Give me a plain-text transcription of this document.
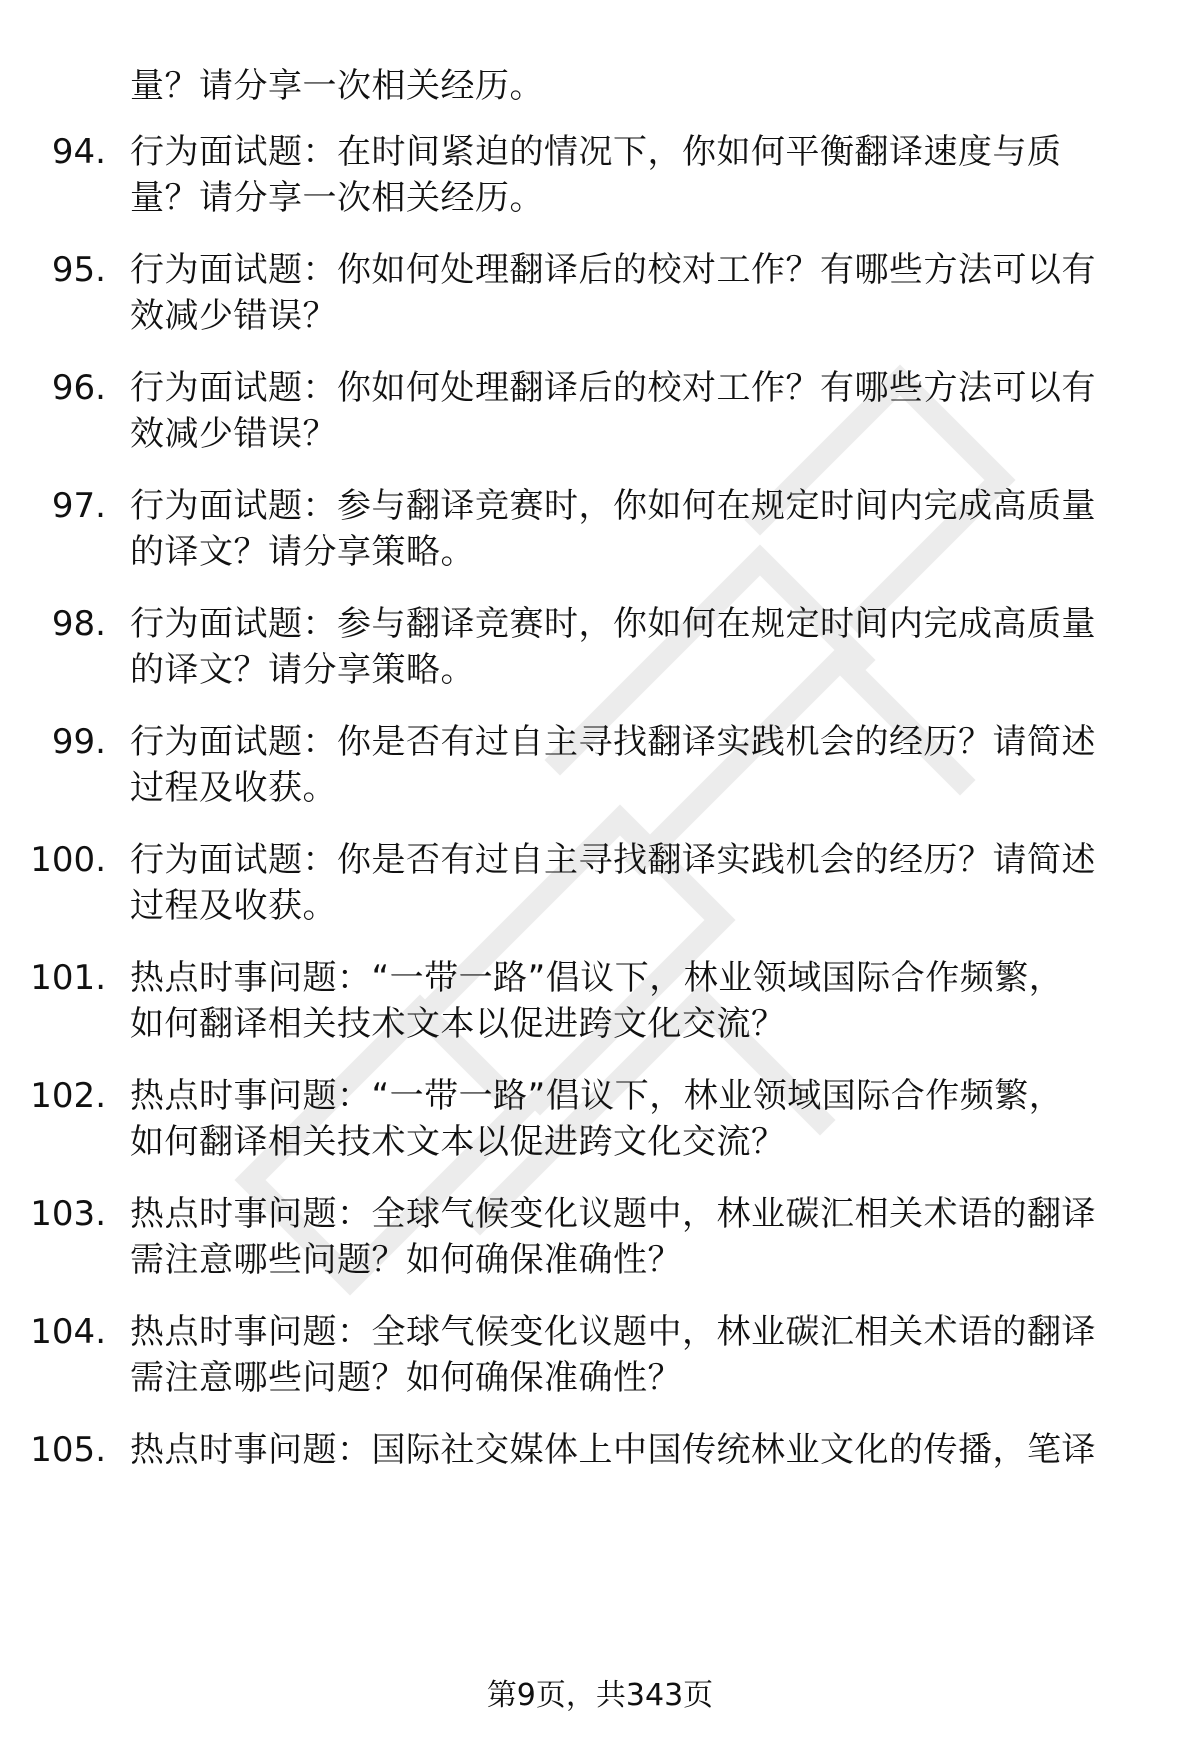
量？请分享一次相关经历。
94. 行为面试题：在时间紧迫的情况下，你如何平衡翻译速度与质
量？请分享一次相关经历。
95. 行为面试题：你如何处理翻译后的校对工作？有哪些方法可以有
效减少错误？
96. 行为面试题：你如何处理翻译后的校对工作？有哪些方法可以有
效减少错误？
97. 行为面试题：参与翻译竞赛时，你如何在规定时间内完成高质量
的译文？请分享策略。
98. 行为面试题：参与翻译竞赛时，你如何在规定时间内完成高质量
的译文？请分享策略。
99. 行为面试题：你是否有过自主寻找翻译实践机会的经历？请简述
过程及收获。
100. 行为面试题：你是否有过自主寻找翻译实践机会的经历？请简述
过程及收获。
101. 热点时事问题：“一带一路”倡议下，林业领域国际合作频繁，
如何翻译相关技术文本以促进跨文化交流？
102. 热点时事问题：“一带一路”倡议下，林业领域国际合作频繁，
如何翻译相关技术文本以促进跨文化交流？
103. 热点时事问题：全球气候变化议题中，林业碳汇相关术语的翻译
需注意哪些问题？如何确保准确性？
104. 热点时事问题：全球气候变化议题中，林业碳汇相关术语的翻译
需注意哪些问题？如何确保准确性？
105. 热点时事问题：国际社交媒体上中国传统林业文化的传播，笔译
第9页，共343页
